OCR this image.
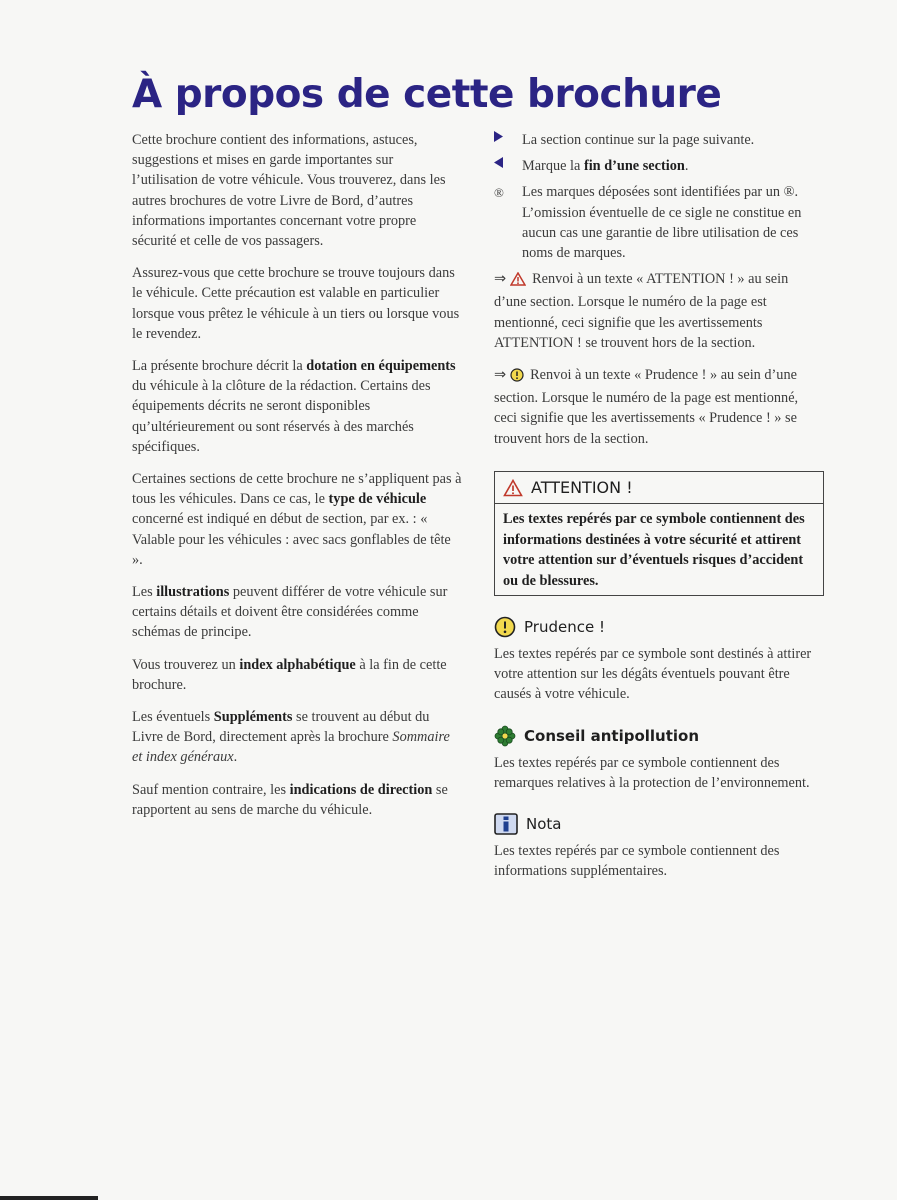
À propos de cette brochure

Cette brochure contient des informations, astuces, suggestions et mises en garde importantes sur l’utilisation de votre véhicule. Vous trouverez, dans les autres brochures de votre Livre de Bord, d’autres informations importantes concernant votre propre sécurité et celle de vos passagers.

Assurez-vous que cette brochure se trouve toujours dans le véhicule. Cette précaution est valable en particulier lorsque vous prêtez le véhicule à un tiers ou lorsque vous le revendez.

La présente brochure décrit la dotation en équipements du véhicule à la clôture de la rédaction. Certains des équipements décrits ne seront disponibles qu’ultérieurement ou sont réservés à des marchés spécifiques.

Certaines sections de cette brochure ne s’appliquent pas à tous les véhicules. Dans ce cas, le type de véhicule concerné est indiqué en début de section, par ex. : « Valable pour les véhicules : avec sacs gonflables de tête ».

Les illustrations peuvent différer de votre véhicule sur certains détails et doivent être considérées comme schémas de principe.

Vous trouverez un index alphabétique à la fin de cette brochure.

Les éventuels Suppléments se trouvent au début du Livre de Bord, directement après la brochure Sommaire et index généraux.

Sauf mention contraire, les indications de direction se rapportent au sens de marche du véhicule.

La section continue sur la page suivante.
Marque la fin d’une section.
®	Les marques déposées sont identifiées par un ®. L’omission éventuelle de ce sigle ne constitue en aucun cas une garantie de libre utilisation de ces noms de marques.

⇒ Renvoi à un texte « ATTENTION ! » au sein d’une section. Lorsque le numéro de la page est mentionné, ceci signifie que les avertissements ATTENTION ! se trouvent hors de la section.

⇒ Renvoi à un texte « Prudence ! » au sein d’une section. Lorsque le numéro de la page est mentionné, ceci signifie que les avertissements « Prudence ! » se trouvent hors de la section.

ATTENTION !
Les textes repérés par ce symbole contiennent des informations destinées à votre sécurité et attirent votre attention sur d’éventuels risques d’accident ou de blessures.
Prudence !
Les textes repérés par ce symbole sont destinés à attirer votre attention sur les dégâts éventuels pouvant être causés à votre véhicule.
Conseil antipollution
Les textes repérés par ce symbole contiennent des remarques relatives à la protection de l’environnement.
Nota
Les textes repérés par ce symbole contiennent des informations supplémentaires.
